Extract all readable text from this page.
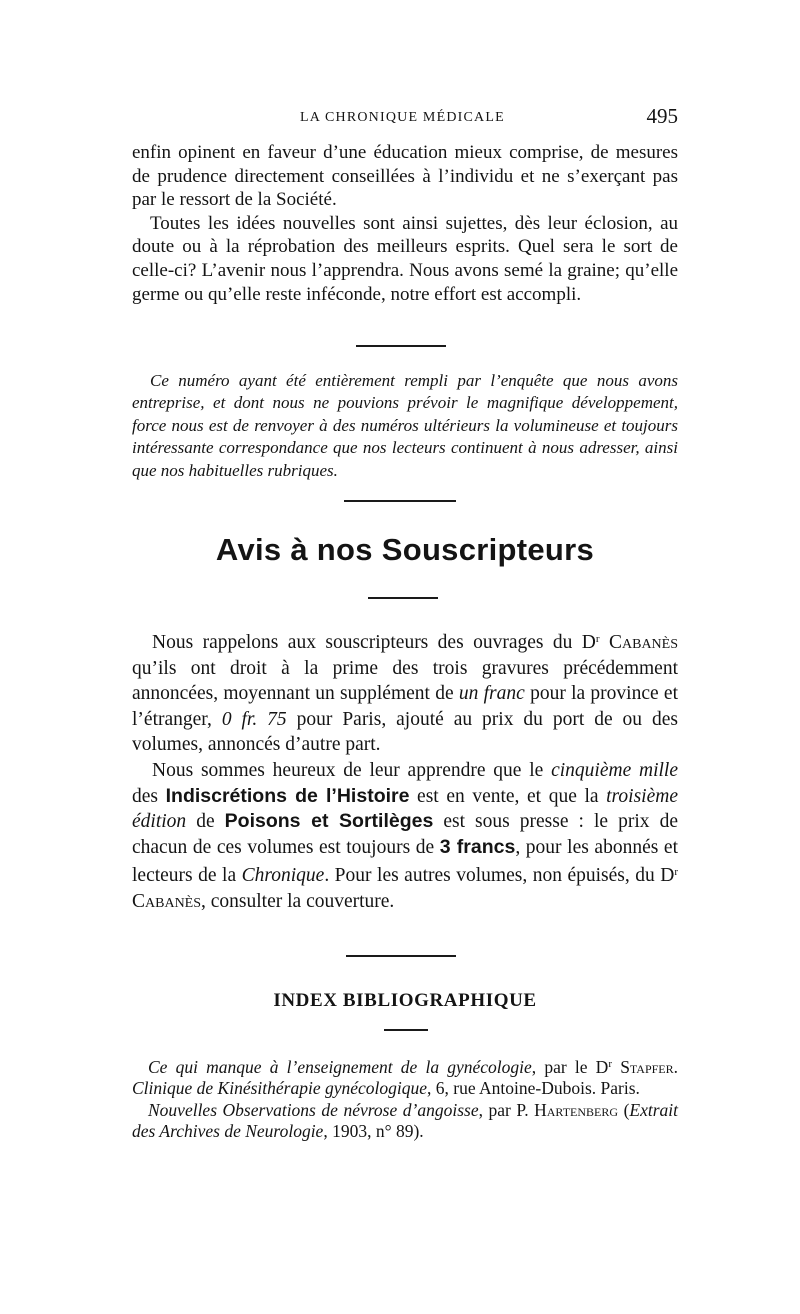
LA CHRONIQUE MÉDICALE	495

enfin opinent en faveur d’une éducation mieux comprise, de mesures de prudence directement conseillées à l’individu et ne s’exerçant pas par le ressort de la Société.

Toutes les idées nouvelles sont ainsi sujettes, dès leur éclosion, au doute ou à la réprobation des meilleurs esprits. Quel sera le sort de celle-ci? L’avenir nous l’apprendra. Nous avons semé la graine; qu’elle germe ou qu’elle reste inféconde, notre effort est accompli.

Ce numéro ayant été entièrement rempli par l’enquête que nous avons entreprise, et dont nous ne pouvions prévoir le magnifique développement, force nous est de renvoyer à des numéros ultérieurs la volumineuse et toujours intéressante correspondance que nos lecteurs continuent à nous adresser, ainsi que nos habituelles rubriques.

Avis à nos Souscripteurs

Nous rappelons aux souscripteurs des ouvrages du $D^r$ Cabanès qu’ils ont droit à la prime des trois gravures précédemment annoncées, moyennant un supplément de un franc pour la province et l’étranger, 0 fr. 75 pour Paris, ajouté au prix du port de ou des volumes, annoncés d’autre part.

Nous sommes heureux de leur apprendre que le cinquième mille des Indiscrétions de l’Histoire est en vente, et que la troisième édition de Poisons et Sortilèges est sous presse : le prix de chacun de ces volumes est toujours de 3 francs, pour les abonnés et lecteurs de la Chronique. Pour les autres volumes, non épuisés, du $D^r$ Cabanès, consulter la couverture.

INDEX BIBLIOGRAPHIQUE

Ce qui manque à l’enseignement de la gynécologie, par le $D^r$ Stapfer. Clinique de Kinésithérapie gynécologique, 6, rue Antoine-Dubois. Paris.

Nouvelles Observations de névrose d’angoisse, par P. Hartenberg (Extrait des Archives de Neurologie, 1903, n° 89).
